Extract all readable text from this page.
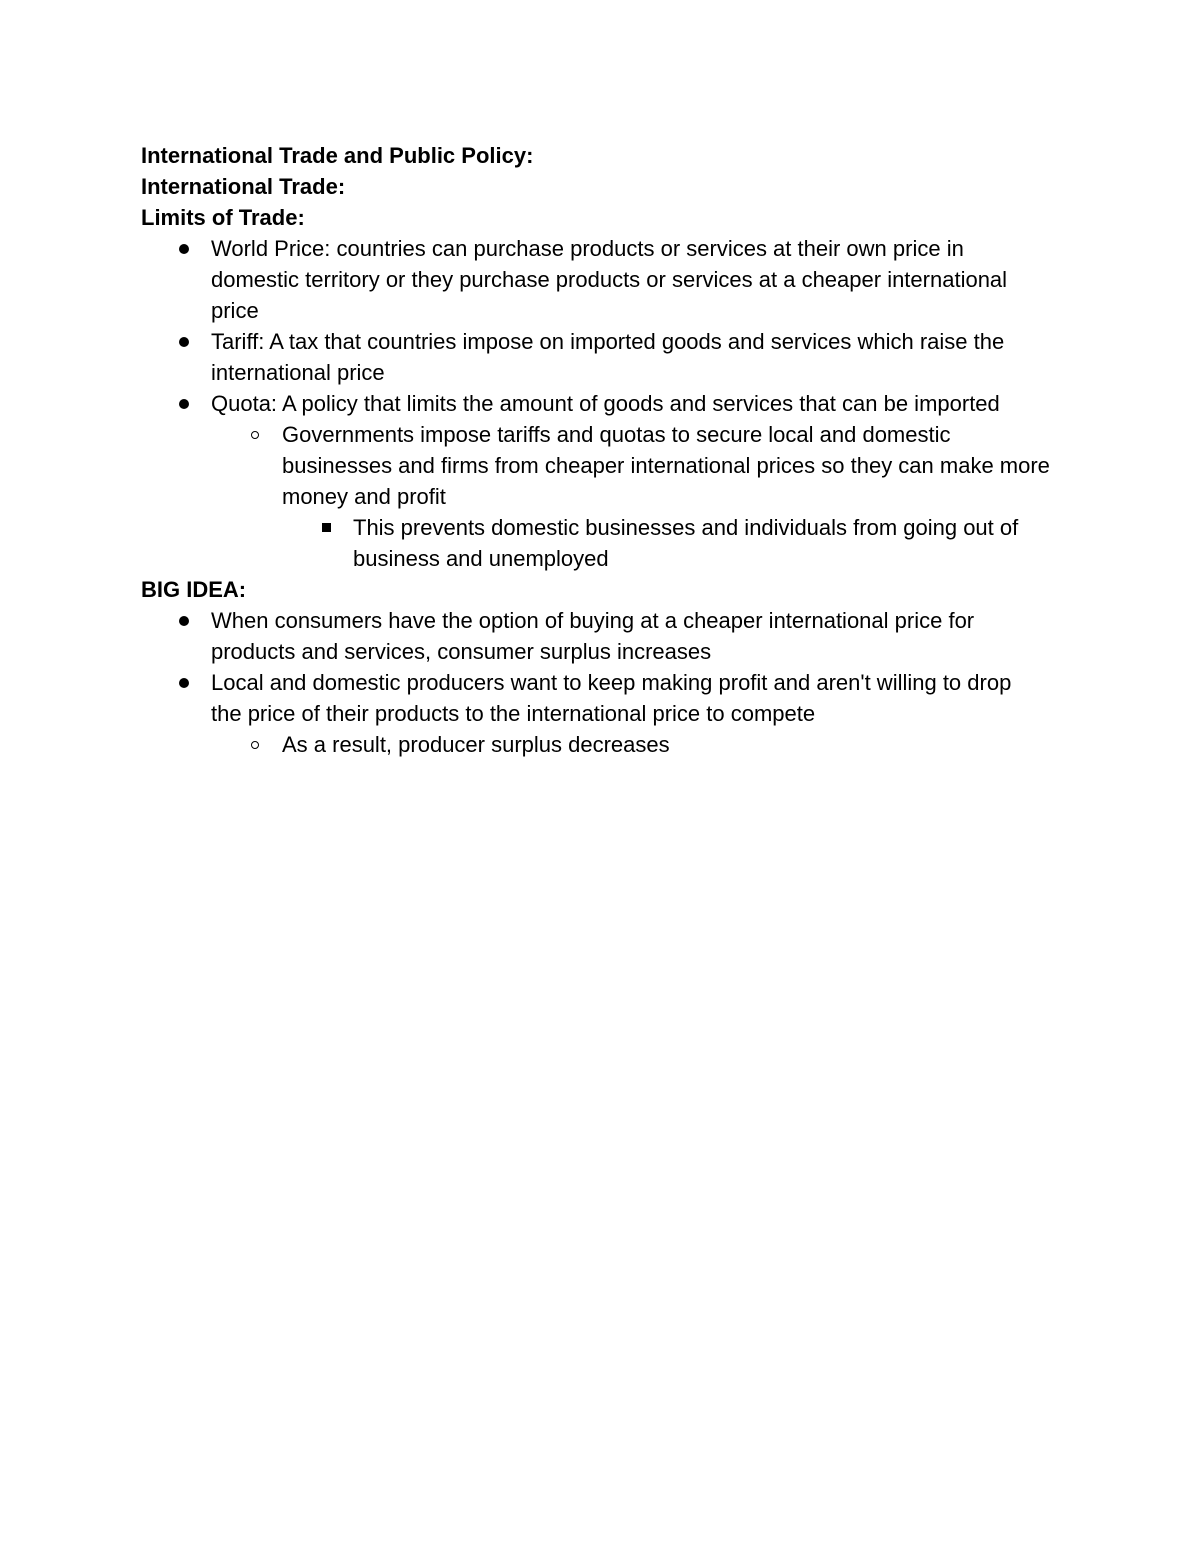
International Trade and Public Policy:

International Trade:

Limits of Trade:

World Price: countries can purchase products or services at their own price in domestic territory or they purchase products or services at a cheaper international price
Tariff: A tax that countries impose on imported goods and services which raise the international price
Quota: A policy that limits the amount of goods and services that can be imported
Governments impose tariffs and quotas to secure local and domestic businesses and firms from cheaper international prices so they can make more money and profit
This prevents domestic businesses and individuals from going out of business and unemployed

BIG IDEA:

When consumers have the option of buying at a cheaper international price for products and services, consumer surplus increases
Local and domestic producers want to keep making profit and aren't willing to drop the price of their products to the international price to compete
As a result, producer surplus decreases
